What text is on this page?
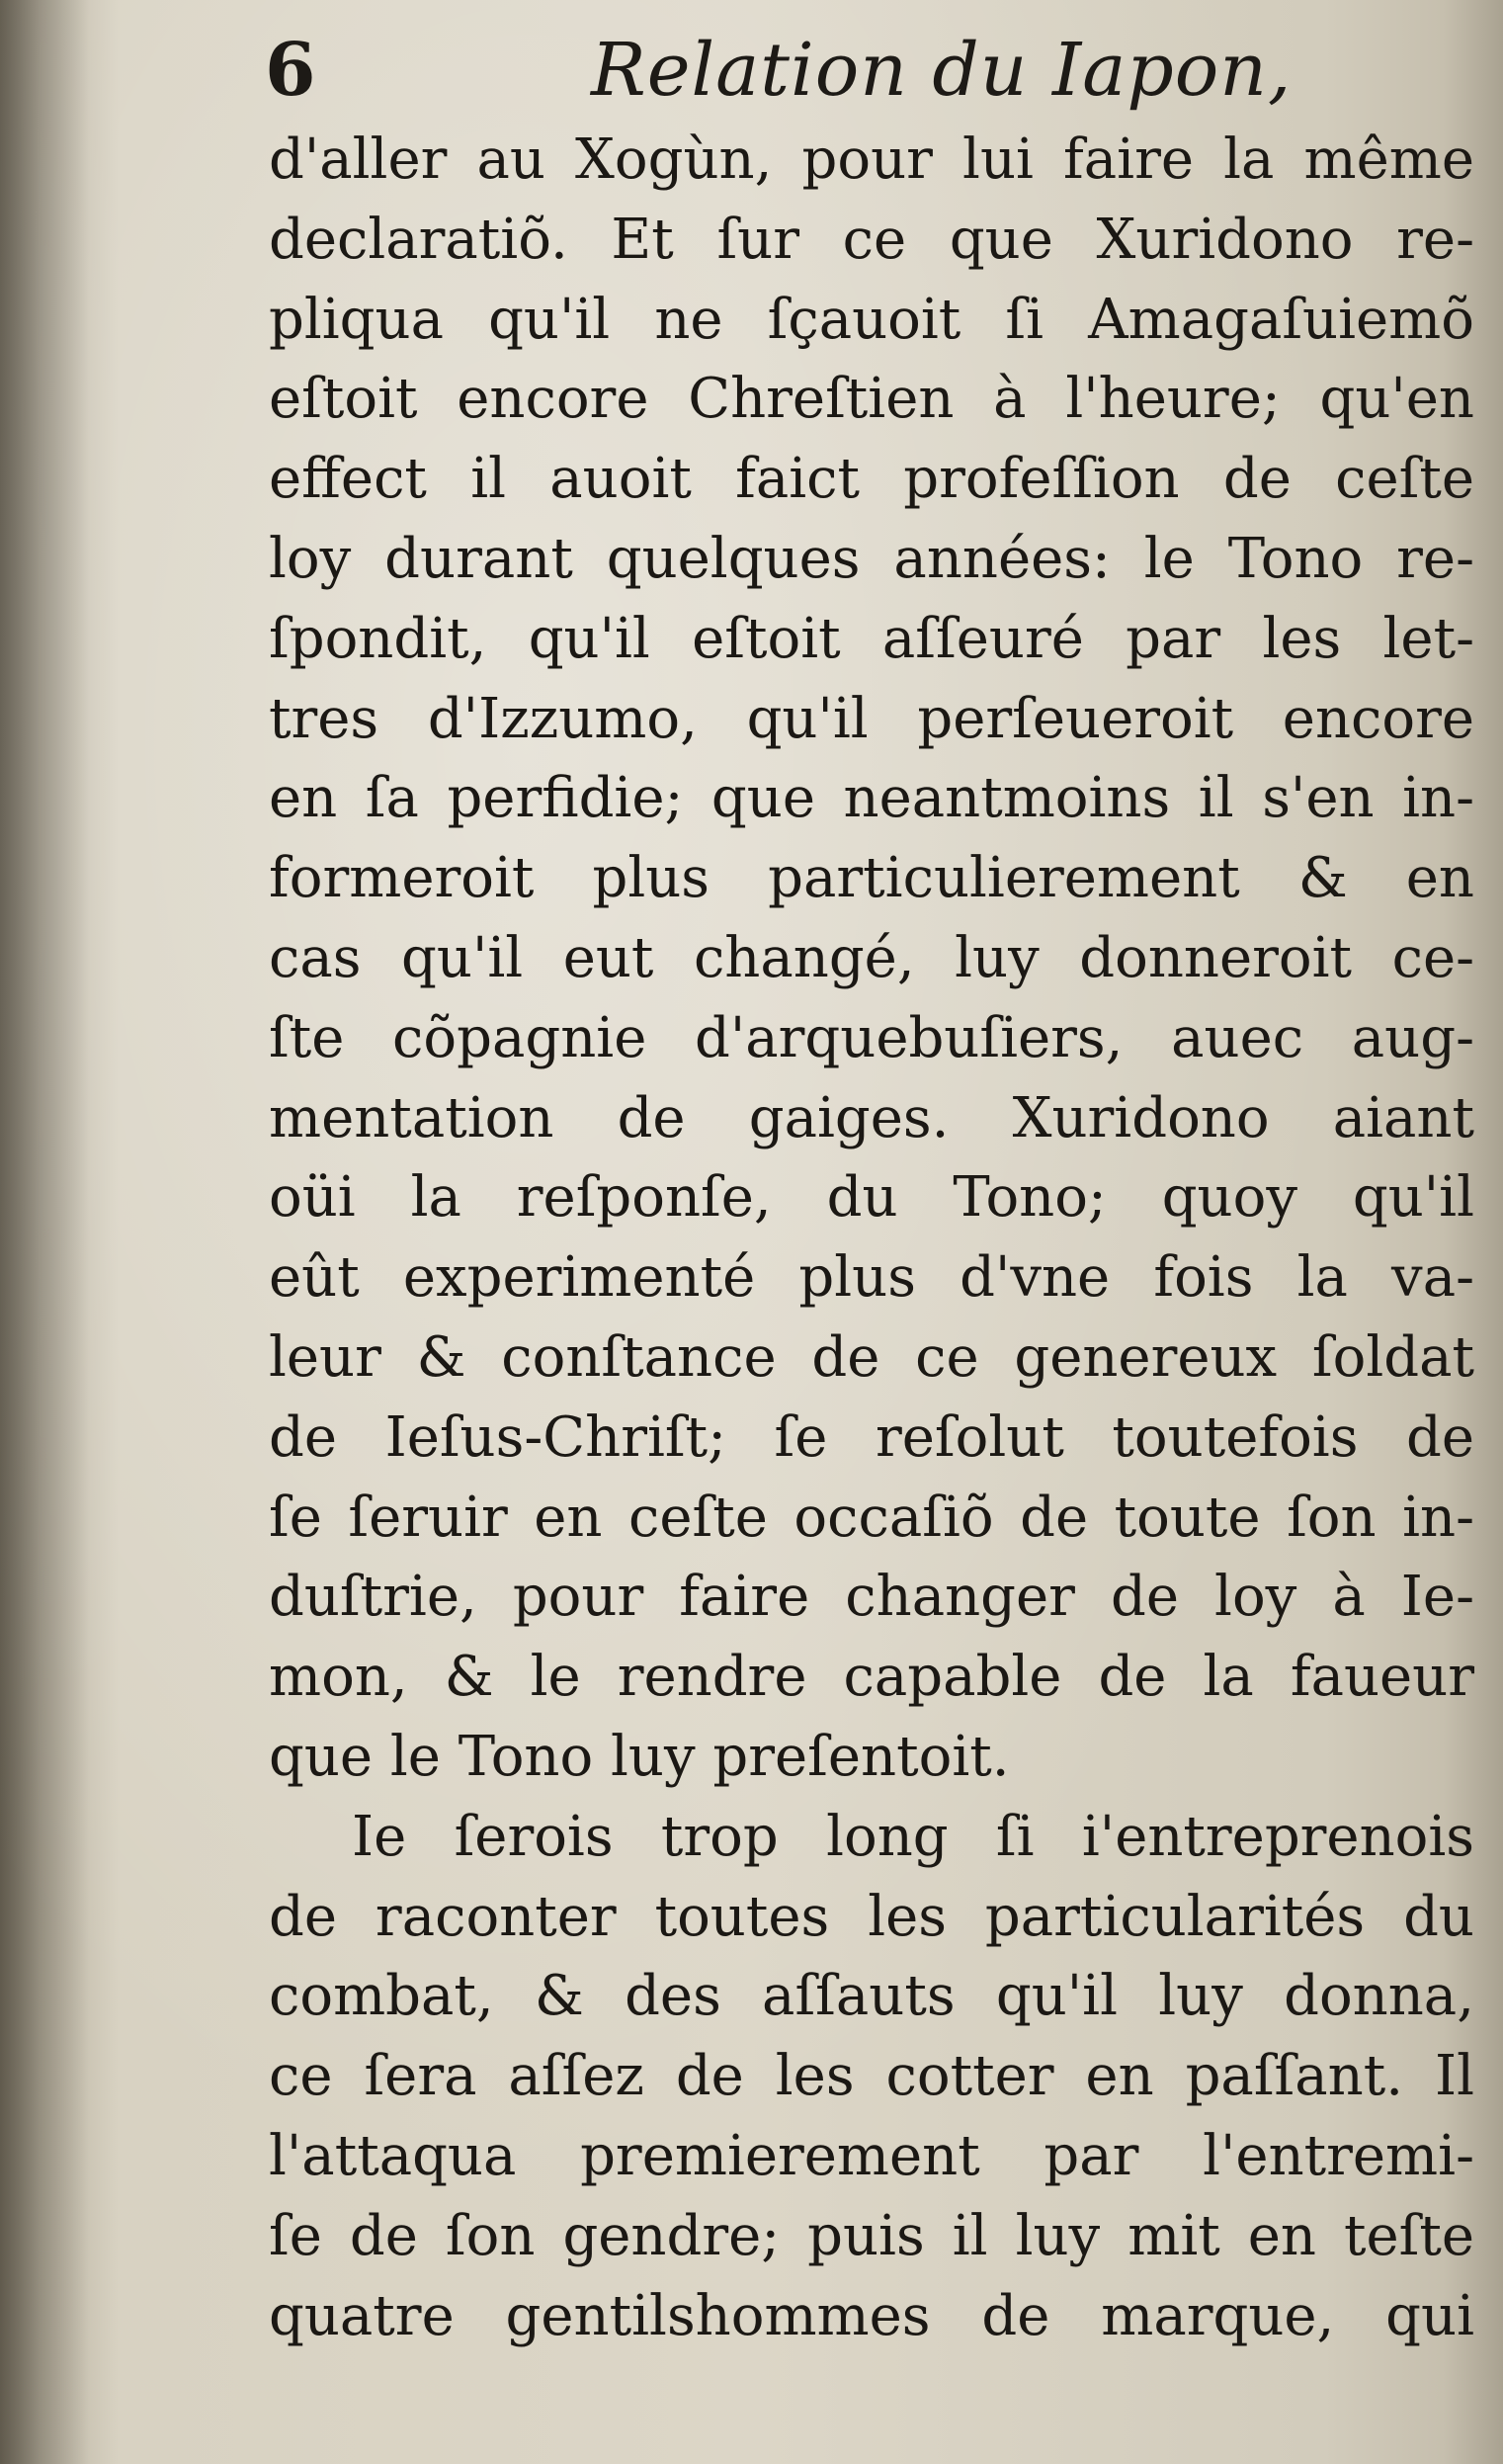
6	Relation du Iapon,
d'aller au Xogùn, pour lui faire la même
declaratiõ. Et ſur ce que Xuridono re-
pliqua qu'il ne ſçauoit ſi Amagaſuiemõ
eſtoit encore Chreſtien à l'heure; qu'en
effect il auoit faict profeſſion de ceſte
loy durant quelques années: le Tono re-
ſpondit, qu'il eſtoit aſſeuré par les let-
tres d'Izzumo, qu'il perſeueroit encore
en ſa perfidie; que neantmoins il s'en in-
formeroit plus particulierement & en
cas qu'il eut changé, luy donneroit ce-
ſte cõpagnie d'arquebuſiers, auec aug-
mentation de gaiges. Xuridono aiant
oüi la reſponſe, du Tono; quoy qu'il
eût experimenté plus d'vne fois la va-
leur & conſtance de ce genereux ſoldat
de Ieſus-Chriſt; ſe reſolut toutefois de
ſe ſeruir en ceſte occaſiõ de toute ſon in-
duſtrie, pour faire changer de loy à Ie-
mon, & le rendre capable de la faueur
que le Tono luy preſentoit.
Ie ſerois trop long ſi i'entreprenois
de raconter toutes les particularités du
combat, & des aſſauts qu'il luy donna,
ce ſera aſſez de les cotter en paſſant. Il
l'attaqua premierement par l'entremi-
ſe de ſon gendre; puis il luy mit en teſte
quatre gentilshommes de marque, qui
